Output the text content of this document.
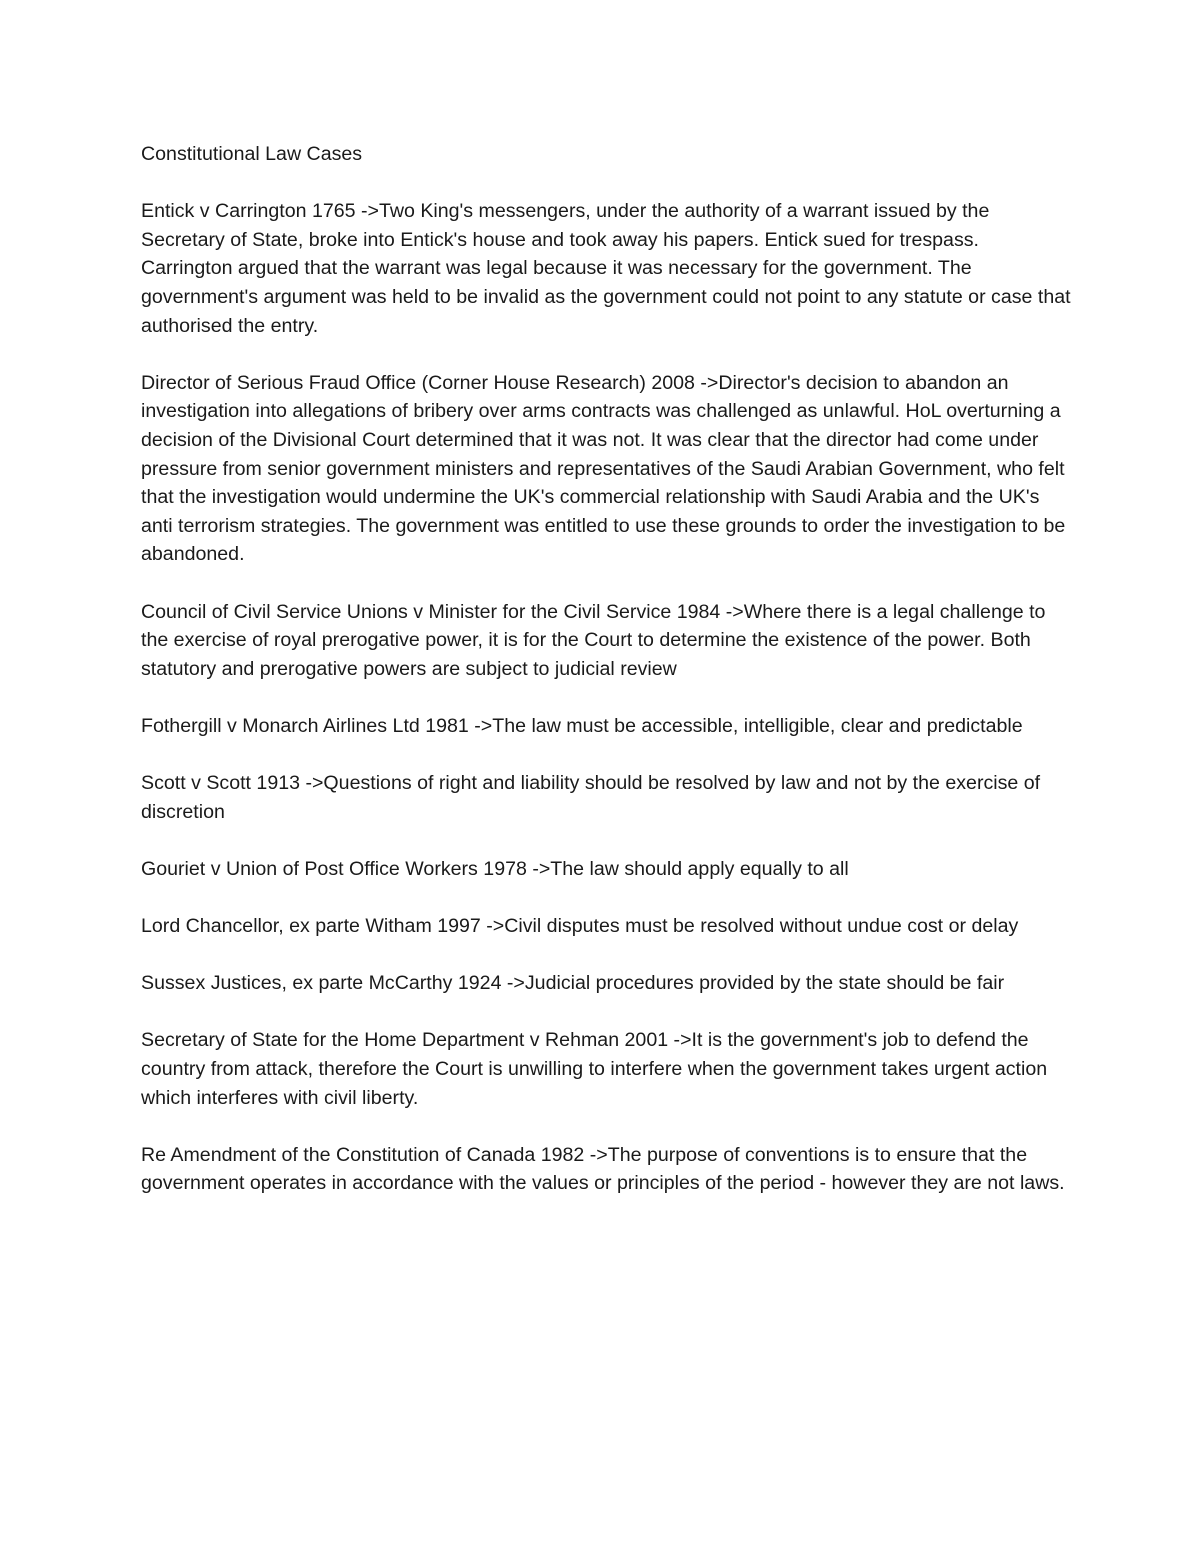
Constitutional Law Cases

Entick v Carrington 1765 ->Two King's messengers, under the authority of a warrant issued by the Secretary of State, broke into Entick's house and took away his papers. Entick sued for trespass. Carrington argued that the warrant was legal because it was necessary for the government. The government's argument was held to be invalid as the government could not point to any statute or case that authorised the entry.

Director of Serious Fraud Office (Corner House Research) 2008 ->Director's decision to abandon an investigation into allegations of bribery over arms contracts was challenged as unlawful. HoL overturning a decision of the Divisional Court determined that it was not. It was clear that the director had come under pressure from senior government ministers and representatives of the Saudi Arabian Government, who felt that the investigation would undermine the UK's commercial relationship with Saudi Arabia and the UK's anti terrorism strategies. The government was entitled to use these grounds to order the investigation to be abandoned.

Council of Civil Service Unions v Minister for the Civil Service 1984 ->Where there is a legal challenge to the exercise of royal prerogative power, it is for the Court to determine the existence of the power. Both statutory and prerogative powers are subject to judicial review

Fothergill v Monarch Airlines Ltd 1981 ->The law must be accessible, intelligible, clear and predictable

Scott v Scott 1913 ->Questions of right and liability should be resolved by law and not by the exercise of discretion

Gouriet v Union of Post Office Workers 1978 ->The law should apply equally to all

Lord Chancellor, ex parte Witham 1997 ->Civil disputes must be resolved without undue cost or delay

Sussex Justices, ex parte McCarthy 1924 ->Judicial procedures provided by the state should be fair

Secretary of State for the Home Department v Rehman 2001 ->It is the government's job to defend the country from attack, therefore the Court is unwilling to interfere when the government takes urgent action which interferes with civil liberty.

Re Amendment of the Constitution of Canada 1982 ->The purpose of conventions is to ensure that the government operates in accordance with the values or principles of the period - however they are not laws.
